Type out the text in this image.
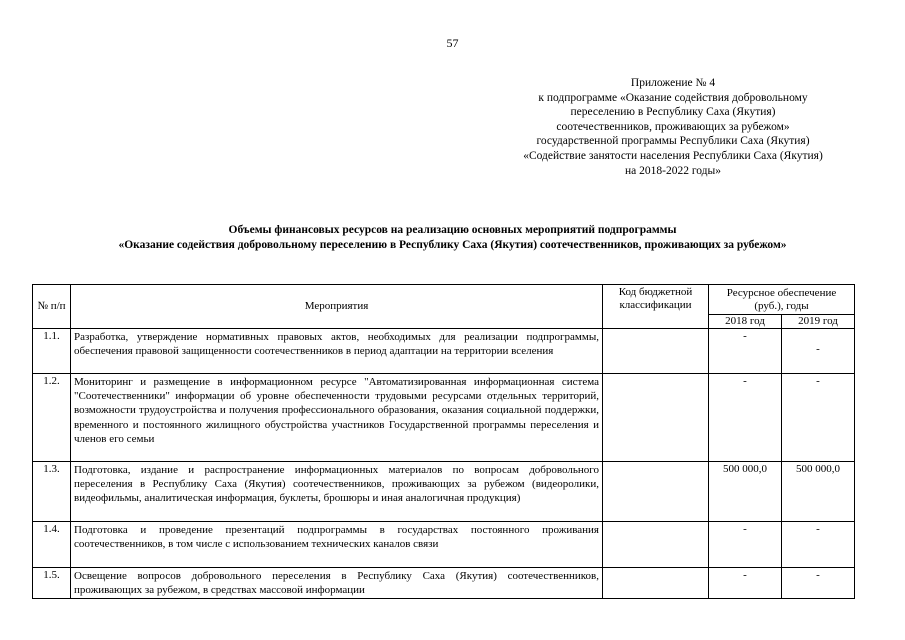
57
Приложение № 4
к подпрограмме «Оказание содействия добровольному
переселению в Республику Саха (Якутия)
соотечественников, проживающих за рубежом»
государственной программы Республики Саха (Якутия)
«Содействие занятости населения Республики Саха (Якутия)
на 2018-2022 годы»
Объемы финансовых ресурсов на реализацию основных мероприятий подпрограммы
«Оказание содействия добровольному переселению в Республику Саха (Якутия) соотечественников, проживающих за рубежом»
№ п/п	Мероприятия	Код бюджетной классификации	Ресурсное обеспечение (руб.), годы	
			2018 год	2019 год
1.1.	Разработка, утверждение нормативных правовых актов, необходимых для реализации подпрограммы, обеспечения правовой защищенности соотечественников в период адаптации на территории вселения		-	-
1.2.	Мониторинг и размещение в информационном ресурсе "Автоматизированная информационная система "Соотечественники" информации об уровне обеспеченности трудовыми ресурсами отдельных территорий, возможности трудоустройства и получения профессионального образования, оказания социальной поддержки, временного и постоянного жилищного обустройства участников Государственной программы переселения и членов его семьи		-	-
1.3.	Подготовка, издание и распространение информационных материалов по вопросам добровольного переселения в Республику Саха (Якутия) соотечественников, проживающих за рубежом (видеоролики, видеофильмы, аналитическая информация, буклеты, брошюры и иная аналогичная продукция)		500 000,0	500 000,0
1.4.	Подготовка и проведение презентаций подпрограммы в государствах постоянного проживания соотечественников, в том числе с использованием технических каналов связи		-	-
1.5.	Освещение вопросов добровольного переселения в Республику Саха (Якутия) соотечественников, проживающих за рубежом, в средствах массовой информации		-	-
